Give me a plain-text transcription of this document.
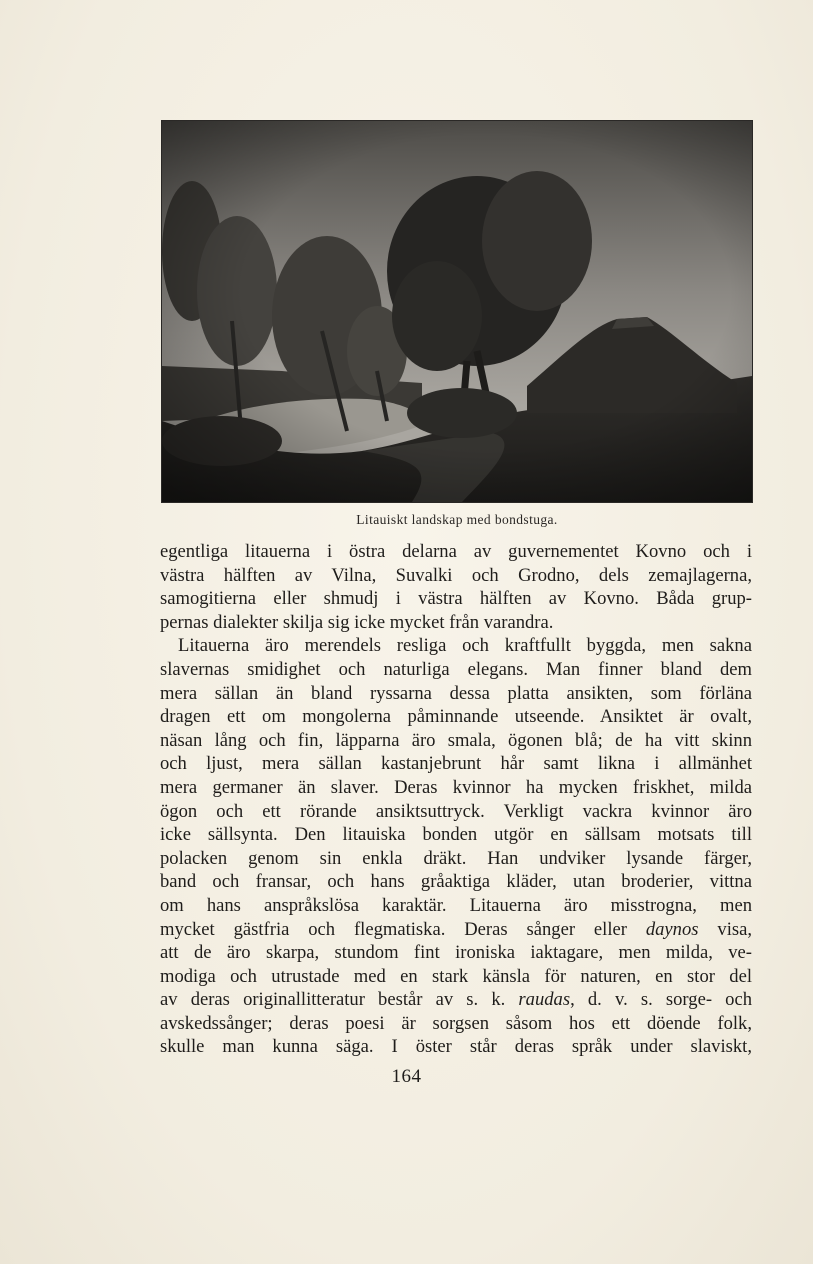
Litauiskt landskap med bondstuga.
egentliga litauerna i östra delarna av guvernementet Kovno och i
västra hälften av Vilna, Suvalki och Grodno, dels zemajlagerna,
samogitierna eller shmudj i västra hälften av Kovno. Båda grup-
pernas dialekter skilja sig icke mycket från varandra.
Litauerna äro merendels resliga och kraftfullt byggda, men sakna
slavernas smidighet och naturliga elegans. Man finner bland dem
mera sällan än bland ryssarna dessa platta ansikten, som förläna
dragen ett om mongolerna påminnande utseende. Ansiktet är ovalt,
näsan lång och fin, läpparna äro smala, ögonen blå; de ha vitt skinn
och ljust, mera sällan kastanjebrunt hår samt likna i allmänhet
mera germaner än slaver. Deras kvinnor ha mycken friskhet, milda
ögon och ett rörande ansiktsuttryck. Verkligt vackra kvinnor äro
icke sällsynta. Den litauiska bonden utgör en sällsam motsats till
polacken genom sin enkla dräkt. Han undviker lysande färger,
band och fransar, och hans gråaktiga kläder, utan broderier, vittna
om hans anspråkslösa karaktär. Litauerna äro misstrogna, men
mycket gästfria och flegmatiska. Deras sånger eller daynos visa,
att de äro skarpa, stundom fint ironiska iaktagare, men milda, ve-
modiga och utrustade med en stark känsla för naturen, en stor del
av deras originallitteratur består av s. k. raudas, d. v. s. sorge- och
avskedssånger; deras poesi är sorgsen såsom hos ett döende folk,
skulle man kunna säga. I öster står deras språk under slaviskt,
164
